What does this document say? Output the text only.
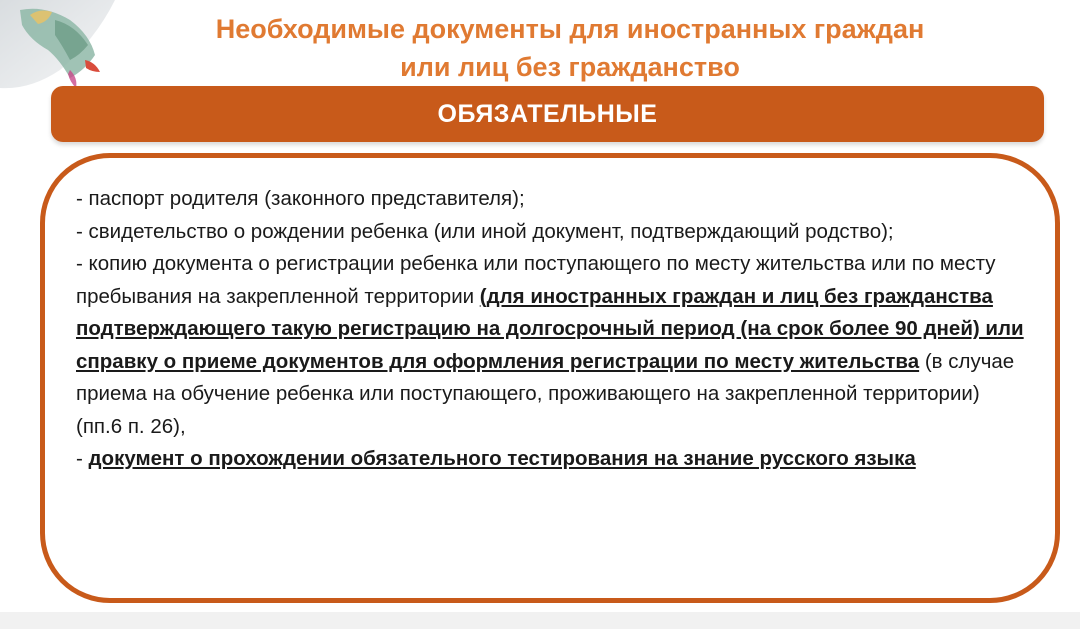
Необходимые документы для иностранных граждан
или лиц без гражданство
ОБЯЗАТЕЛЬНЫЕ

- паспорт родителя (законного представителя);

- свидетельство о рождении ребенка (или иной документ, подтверждающий родство);

- копию документа о регистрации ребенка или поступающего по месту жительства или по месту пребывания на закрепленной территории (для иностранных граждан и лиц без гражданства подтверждающего такую регистрацию на долгосрочный период (на срок более 90 дней) или справку о приеме документов для оформления регистрации по месту жительства (в случае приема на обучение ребенка или поступающего, проживающего на закрепленной территории) (пп.6 п. 26),

- документ о прохождении обязательного тестирования на знание русского языка
